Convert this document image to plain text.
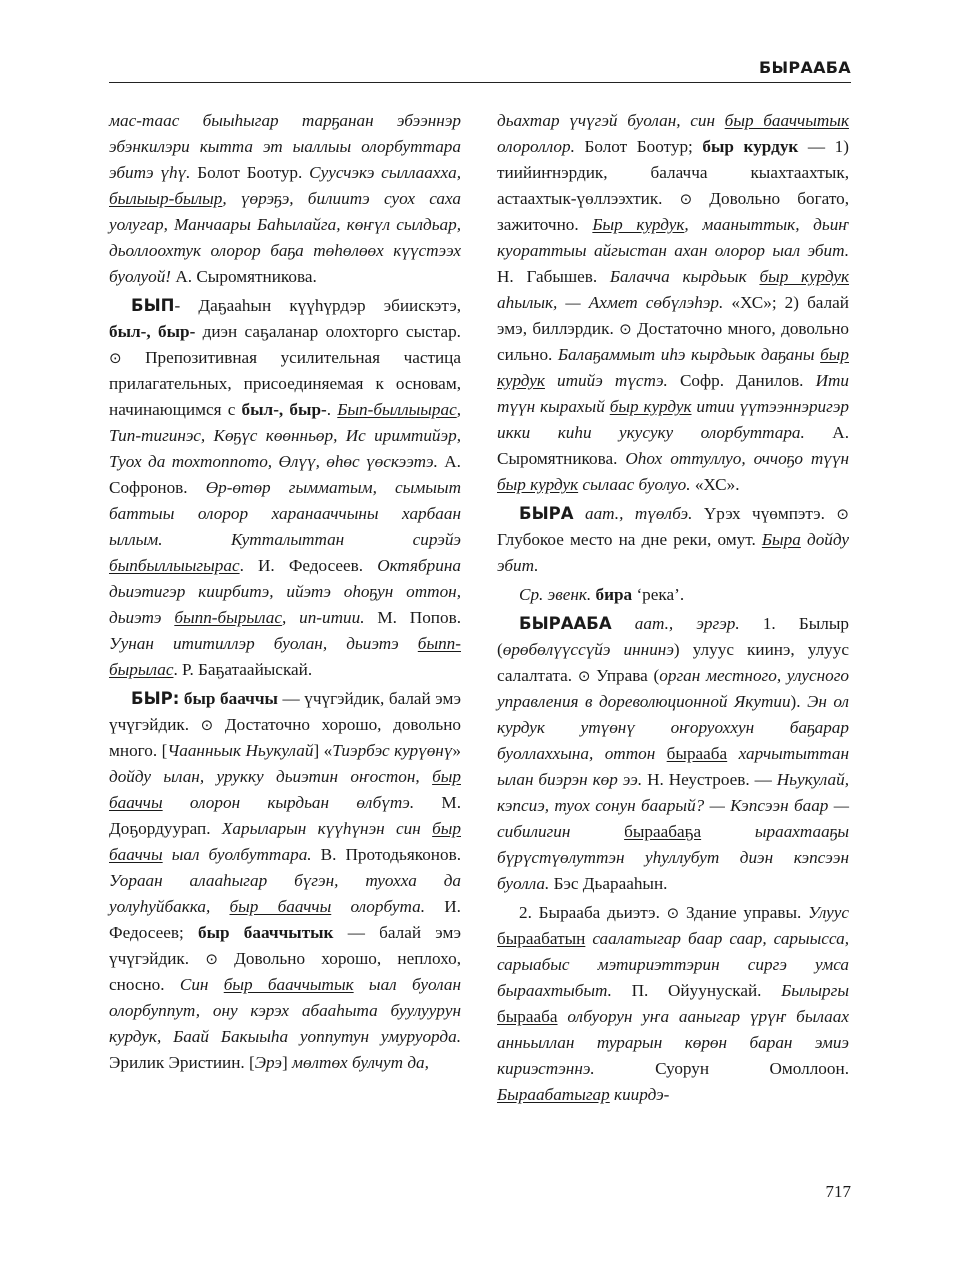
БЫРААБА

мас-таас быыhыгар тарҕанан эбээннэр эбэнкилэри кытта эт ыаллыы олорбуттара эбитэ үһү. Болот Боотур. Суусчэкэ сыллааххa, былыыр-былыр, үөрэҕэ, билиитэ суох саха уолугар, Манчаары Баhылайга, көҥүл сылдьар, дьоллоохтук олорор баҕа төhөлөөх күүстээх буолуой! А. Сыромятникова.

БЫП- Даҕааhын күүhүрдэр эбиискэтэ, был-, быр- диэн саҕаланар олохторго сыстар. ⊙ Препозитивная усилительная частица прилагательных, присоединяемая к основам, начинающимся с был-, быр-. Бып-быллыырас, Тип-тигинэс, Көҕүс көөнньөр, Ис иримтийэр, Туох да тохтоппото, Өлүү, өhөс үөскээтэ. А. Софронов. Өр-өтөр гыммaтым, сымыыт баттыы олорор харанааччыны харбаан ыллым. Кутталыттан сирэйэ быпбыллыыгырас. И. Федосеев. Октябрина дьиэтигэр киирбитэ, ийэтэ оhоҕун оттон, дьиэтэ быпп-бырылас, ип-итии. М. Попов. Уунан ититиллэр буолан, дьиэтэ быпп-бырылас. Р. Баҕатаайыскай.

БЫР: быр бааччы — үчүгэйдик, балай эмэ үчүгэйдик. ⊙ Достаточно хорошо, довольно много. [Чаанньык Ньукулай] «Тиэрбэс курүөнү» дойду ылан, урукку дьиэтин оҥостон, быр бааччы олорон кырдьан өлбүтэ. М. Доҕордуурап. Харыларын күүhүнэн син быр бааччы ыал буолбуттара. В. Протодьяконов. Уоpaaн алааhыгар бүгэн, туохха да уолуhуйбакка, быр бааччы олорбута. И. Федосеев; быр бааччытык — балай эмэ үчүгэйдик. ⊙ Довольно хорошо, неплохо, сносно. Син быр бааччытык ыал буолан олорбуппут, ону кэрэх абааhыта буулууpун курдук, Баай Бакыыhа уоппутун умуруорда. Эрилик Эристиин. [Эрэ] мөлтөх булчут да,

дьахтар үчүгэй буолан, син быр бааччытык олороллор. Болот Боотур; быр курдук — 1) тиийиҥнэрдик, балачча кыахтаахтык, астаахтык-үөллээхтик. ⊙ Довольно богато, зажиточно. Быр курдук, мааныттык, дьиҥ куораттыы айгыстан ахан олорор ыал эбит. Н. Габышев. Балачча кырдьык быр курдук аhылык, — Ахмет сөбүлэhэр. «ХС»; 2) балай эмэ, биллэрдик. ⊙ Достаточно много, довольно сильно. Балаҕаммыт иhэ кырдьык даҕаны быр курдук итийэ түстэ. Софр. Данилов. Ити түүн кырахый быр курдук итии үүтээннэригэр икки киhи укусуку олорбуттара. А. Сыромятникова. Оhох оттуллуо, оччоҕо түүн быр курдук сылаас буолуо. «ХС».

БЫРА аат., түөлбэ. Үрэх чүөмпэтэ. ⊙ Глубокое место на дне реки, омут. Быра дойду эбит.

Ср. эвенк. бира ‘река’.

БЫРААБА аат., эргэр. 1. Былыр (өрөбөлүүссүйэ иннинэ) улуус киинэ, улуус салалтата. ⊙ Управа (орган местного, улусного управления в дореволюционной Якутии). Эн ол курдук утүөнү оҥоруоххун баҕарар буоллаххына, оттон быраабa харчытыттан ылан биэрэн көр ээ. Н. Неустроев. — Ньукулай, кэпсиэ, туох сонун баарый? — Кэпсээн баар — сибилигин быраабаҕа ыраахтааҕы бүрүстүөлуттэн уhуллубут диэн кэпсээн буолла. Бэс Дьарааhын.

2. Быраабa дьиэтэ. ⊙ Здание управы. Улуус быраабатын саалатыгар баар саар, сарыысса, сарыабыс мэтириэттэрин сиргэ умса быраахтыбыт. П. Ойуунускай. Былыргы быраабa олбуорун уҥа ааныгар үрүҥ былаах анньыллан турарын көрөн баран эмиэ кириэстэннэ. Суорун Омоллоон. Быраабатыгар киирдэ-

717
